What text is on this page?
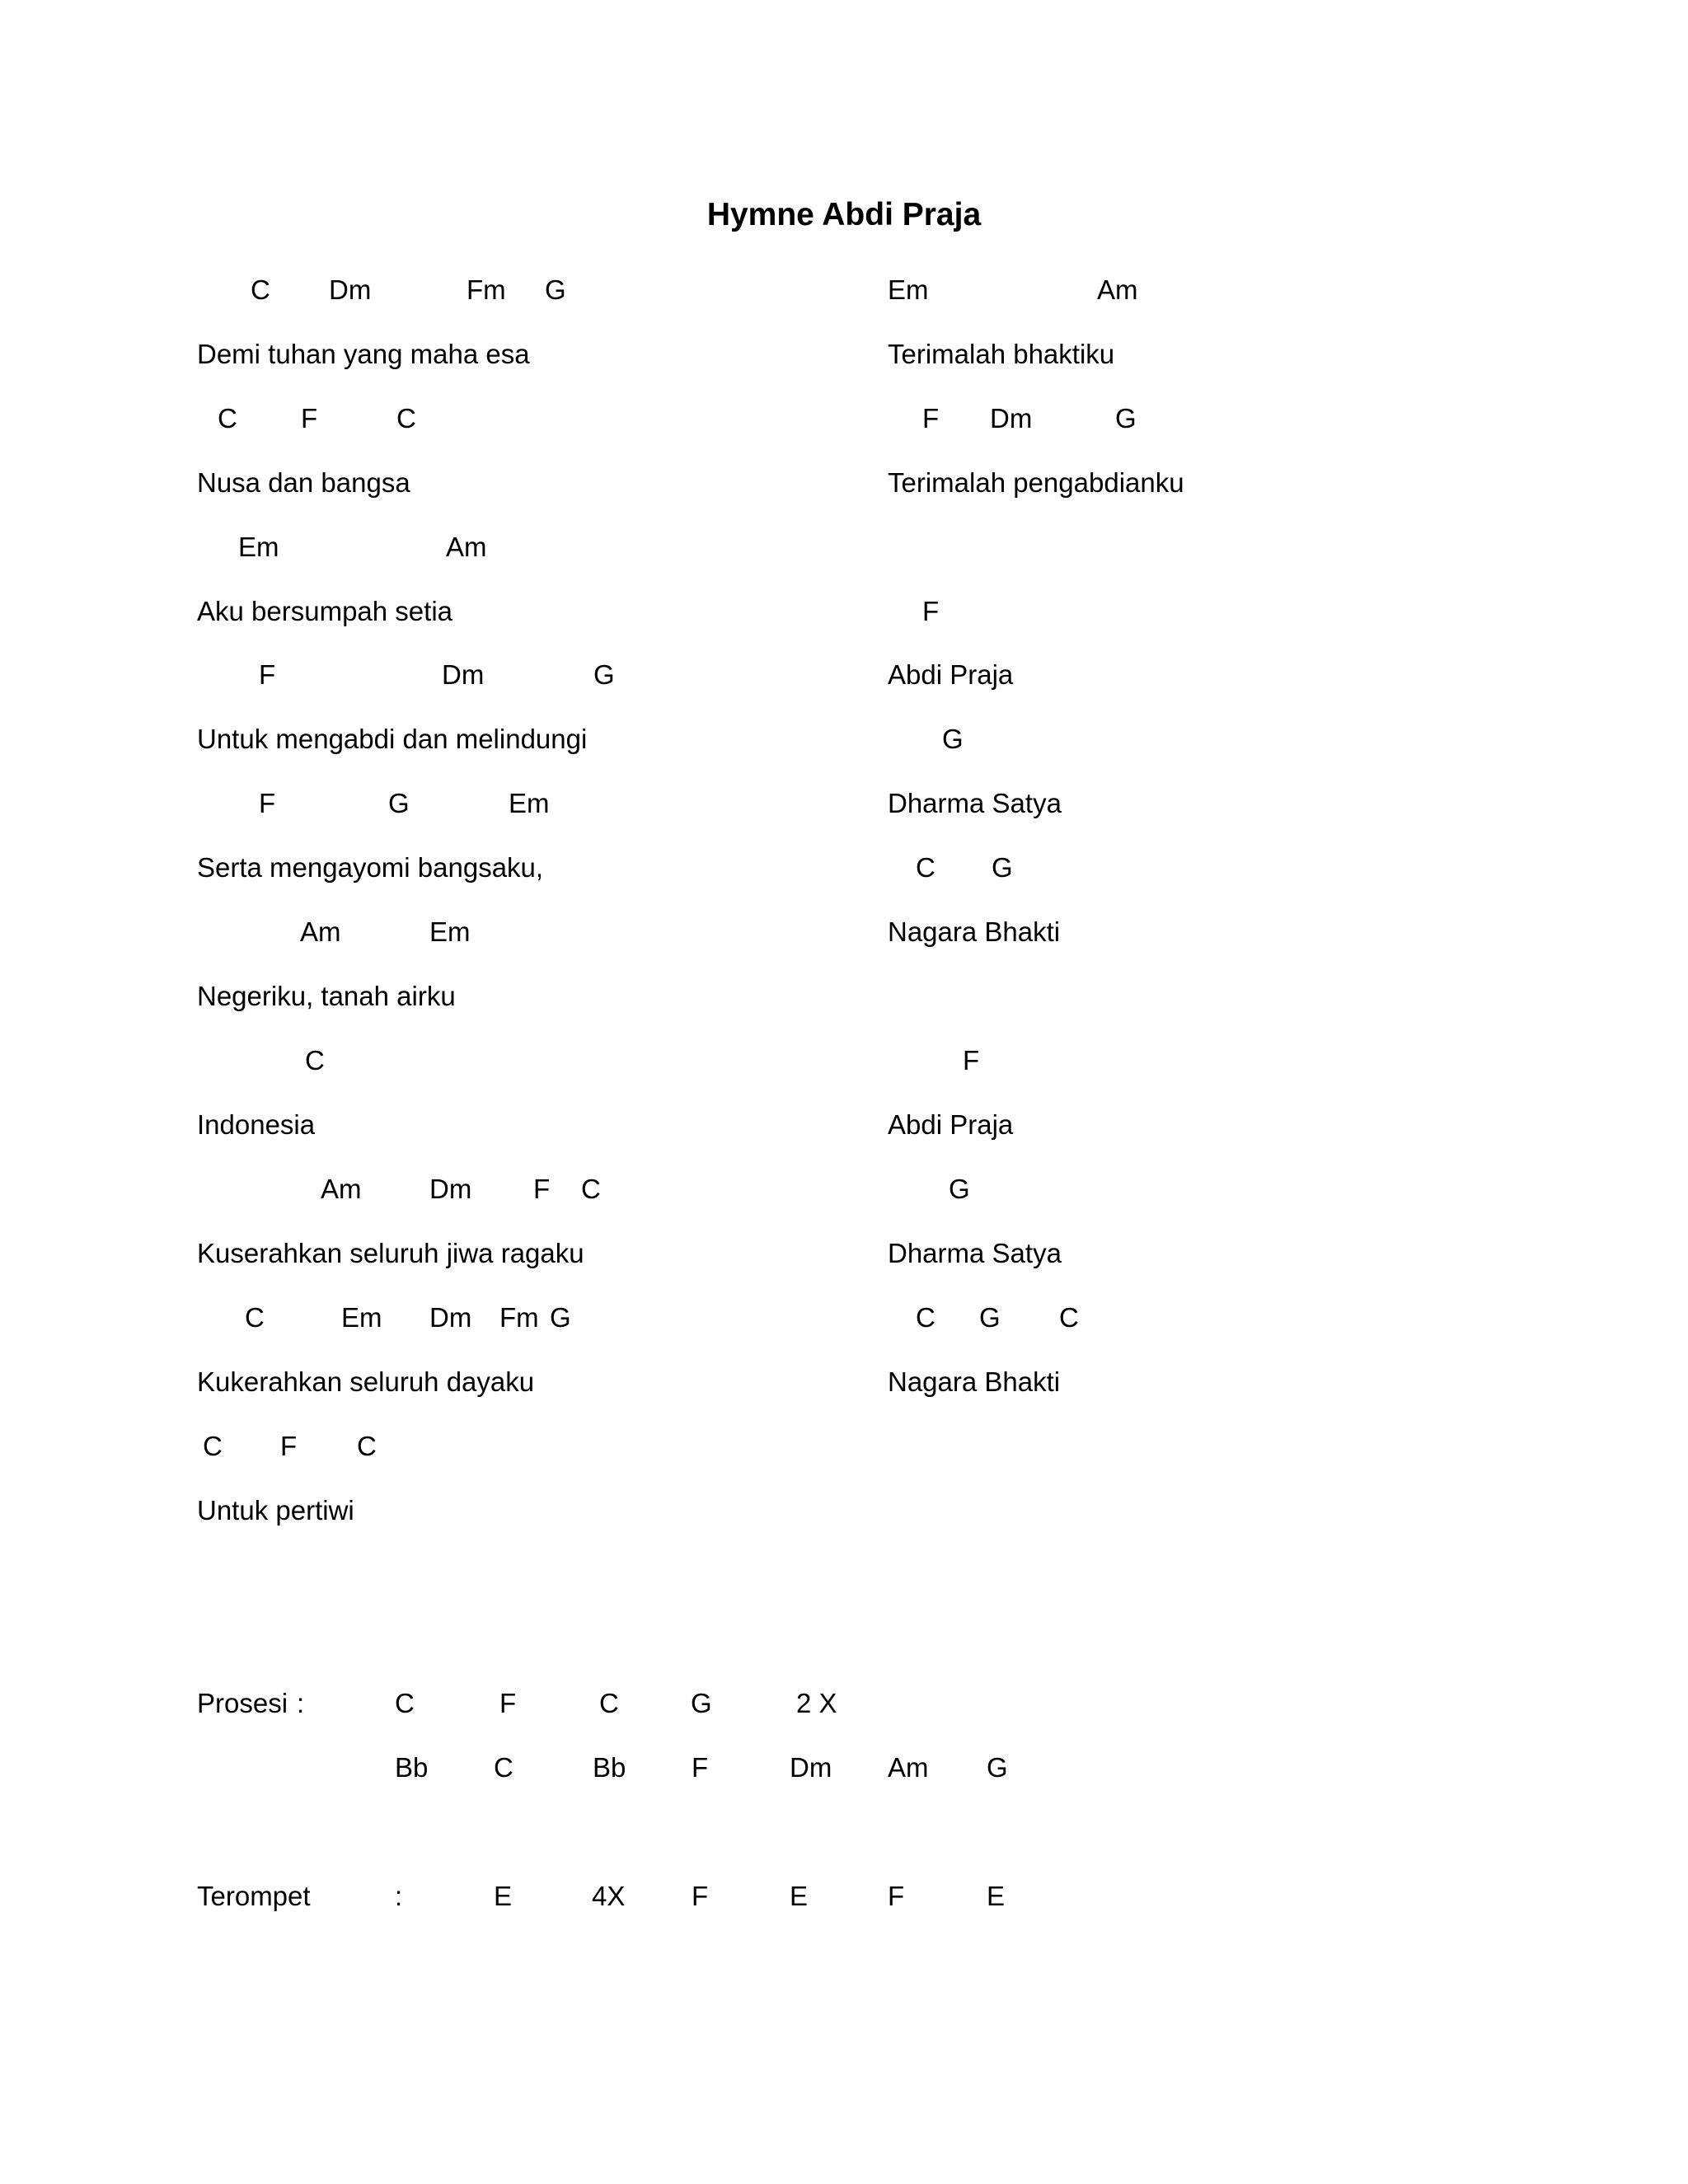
Hymne Abdi Praja
C Dm	Fm G
Demi tuhan yang maha esa
C F	C
Nusa dan bangsa
Em	Am
Aku bersumpah setia
F	Dm	G
Untuk mengabdi dan melindungi
F	G	Em
Serta mengayomi bangsaku,
Am	Em
Negeriku, tanah airku
C
Indonesia
Am	Dm F C
Kuserahkan seluruh jiwa ragaku
C	Em Dm Fm G
Kukerahkan seluruh dayaku
C F C
Untuk pertiwi
Em	Am
Terimalah bhaktiku
F Dm	G
Terimalah pengabdianku
F
Abdi Praja
G
Dharma Satya
C G
Nagara Bhakti
F
Abdi Praja
G
Dharma Satya
C G C
Nagara Bhakti
Prosesi :	C	F	C	G	2 X
Bb C	Bb F	Dm Am G
Terompet	:	E	4X F	E	F	E
